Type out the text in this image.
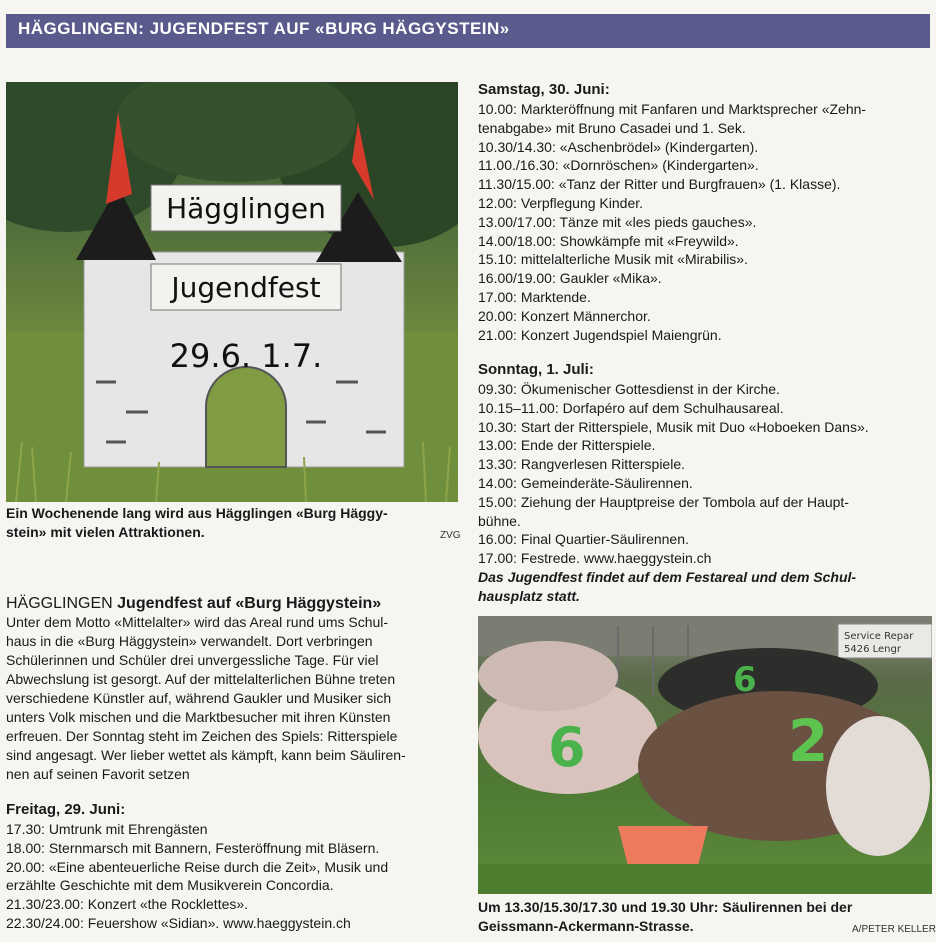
HÄGGLINGEN: JUGENDFEST AUF «BURG HÄGGYSTEIN»
Hägglingen
Jugendfest
29.6. 1.7.
Ein Wochenende lang wird aus Hägglingen «Burg Häggy-
stein» mit vielen Attraktionen.	ZVG
HÄGGLINGEN Jugendfest auf «Burg Häggystein»

Unter dem Motto «Mittelalter» wird das Areal rund ums Schul-
haus in die «Burg Häggystein» verwandelt. Dort verbringen
Schülerinnen und Schüler drei unvergessliche Tage. Für viel
Abwechslung ist gesorgt. Auf der mittelalterlichen Bühne treten
verschiedene Künstler auf, während Gaukler und Musiker sich
unters Volk mischen und die Marktbesucher mit ihren Künsten
erfreuen. Der Sonntag steht im Zeichen des Spiels: Ritterspiele
sind angesagt. Wer lieber wettet als kämpft, kann beim Säuliren-
nen auf seinen Favorit setzen

Freitag, 29. Juni:
17.30: Umtrunk mit Ehrengästen
18.00: Sternmarsch mit Bannern, Festeröffnung mit Bläsern.
20.00: «Eine abenteuerliche Reise durch die Zeit», Musik und
erzählte Geschichte mit dem Musikverein Concordia.
21.30/23.00: Konzert «the Rocklettes».
22.30/24.00: Feuershow «Sidian». www.haeggystein.ch
Samstag, 30. Juni:
10.00: Markteröffnung mit Fanfaren und Marktsprecher «Zehn-
tenabgabe» mit Bruno Casadei und 1. Sek.
10.30/14.30: «Aschenbrödel» (Kindergarten).
11.00./16.30: «Dornröschen» (Kindergarten».
11.30/15.00: «Tanz der Ritter und Burgfrauen» (1. Klasse).
12.00: Verpflegung Kinder.
13.00/17.00: Tänze mit «les pieds gauches».
14.00/18.00: Showkämpfe mit «Freywild».
15.10: mittelalterliche Musik mit «Mirabilis».
16.00/19.00: Gaukler «Mika».
17.00: Marktende.
20.00: Konzert Männerchor.
21.00: Konzert Jugendspiel Maiengrün.
Sonntag, 1. Juli:
09.30: Ökumenischer Gottesdienst in der Kirche.
10.15–11.00: Dorfapéro auf dem Schulhausareal.
10.30: Start der Ritterspiele, Musik mit Duo «Hoboeken Dans».
13.00: Ende der Ritterspiele.
13.30: Rangverlesen Ritterspiele.
14.00: Gemeinderäte-Säulirennen.
15.00: Ziehung der Hauptpreise der Tombola auf der Haupt-
bühne.
16.00: Final Quartier-Säulirennen.
17.00: Festrede. www.haeggystein.ch
Das Jugendfest findet auf dem Festareal und dem Schul-
hausplatz statt.
Service Repar
5426 Lengr
6	2
6
Um 13.30/15.30/17.30 und 19.30 Uhr: Säulirennen bei der
Geissmann-Ackermann-Strasse.	A/PETER KELLER
